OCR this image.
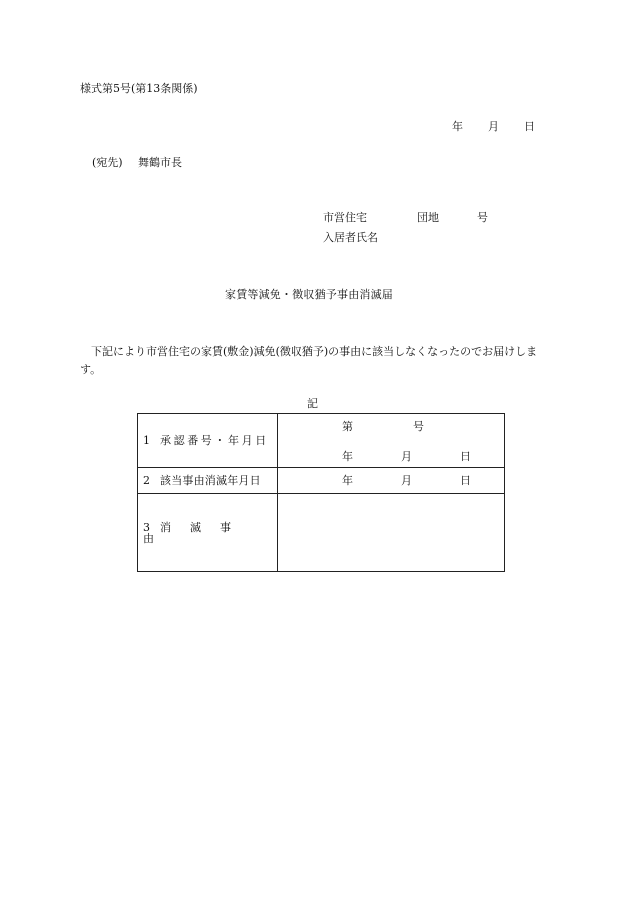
様式第5号(第13条関係)
年 月 日
(宛先) 舞鶴市長
市営住宅	団地	号
入居者氏名
家賃等減免・徴収猶予事由消滅届
下記により市営住宅の家賃(敷金)減免(徴収猶予)の事由に該当しなくなったのでお届けします。
記
1 承認番号・年月日	第 号
年 月 日

2 該当事由消滅年月日	年 月 日

3 消滅事由	
